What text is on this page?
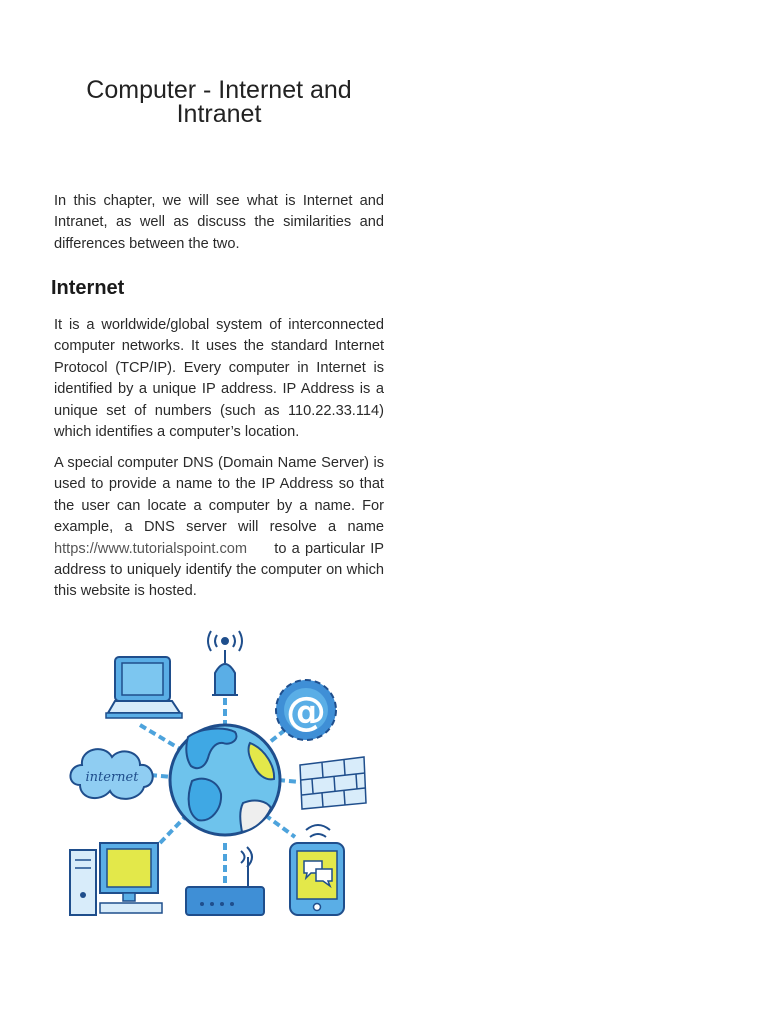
Computer - Internet and Intranet

In this chapter, we will see what is Internet and Intranet, as well as discuss the similarities and differences between the two.

Internet

It is a worldwide/global system of interconnected computer networks. It uses the standard Internet Protocol (TCP/IP). Every computer in Internet is identified by a unique IP address. IP Address is a unique set of numbers (such as 110.22.33.114) which identifies a computer’s location.

A special computer DNS (Domain Name Server) is used to provide a name to the IP Address so that the user can locate a computer by a name. For example, a DNS server will resolve a name https://www.tutorialspoint.com to a particular IP address to uniquely identify the computer on which this website is hosted.

@
internet
